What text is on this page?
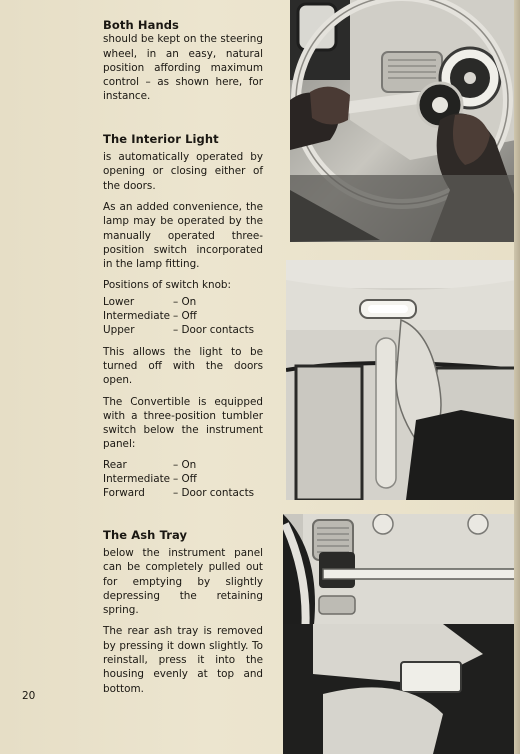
Both Hands

should be kept on the steering wheel, in an easy, natural position affording maximum control – as shown here, for instance.

The Interior Light

is automatically operated by opening or closing either of the doors.

As an added convenience, the lamp may be operated by the manually operated three-position switch incorporated in the lamp fitting.

Positions of switch knob:

Lower	– On
Intermediate – Off
Upper	– Door contacts

This allows the light to be turned off with the doors open.

The Convertible is equipped with a three-position tumbler switch below the instrument panel:

Rear	– On
Intermediate – Off
Forward	– Door contacts
The Ash Tray

below the instrument panel can be completely pulled out for emptying by slightly depressing the retaining spring.

The rear ash tray is removed by pressing it down slightly. To reinstall, press it into the housing evenly at top and bottom.

20
